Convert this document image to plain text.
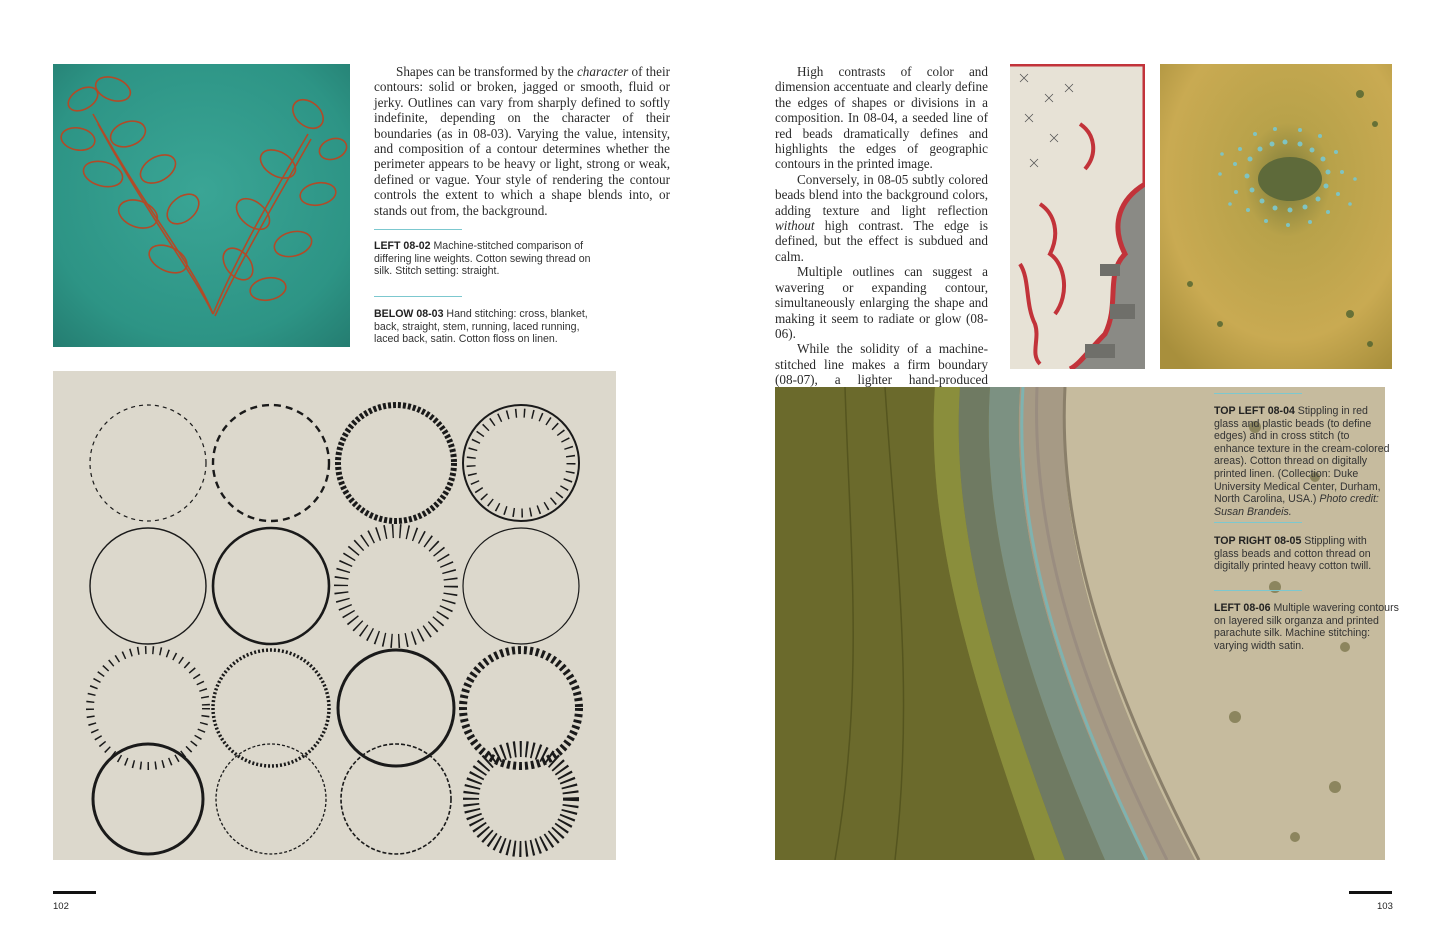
Shapes can be transformed by the character of their contours: solid or broken, jagged or smooth, fluid or jerky. Outlines can vary from sharply defined to softly indefinite, depending on the character of their boundaries (as in 08-03). Varying the value, intensity, and composition of a contour determines whether the perimeter appears to be heavy or light, strong or weak, defined or vague. Your style of rendering the contour controls the extent to which a shape blends into, or stands out from, the background.

LEFT 08-02 Machine-stitched comparison of differing line weights. Cotton sewing thread on silk. Stitch setting: straight.

BELOW 08-03 Hand stitching: cross, blanket, back, straight, stem, running, laced running, laced back, satin. Cotton floss on linen.

102

High contrasts of color and dimension accentuate and clearly define the edges of shapes or divisions in a composition. In 08-04, a seeded line of red beads dramatically defines and highlights the edges of geographic contours in the printed image.

Conversely, in 08-05 subtly colored beads blend into the background colors, adding texture and light reflection without high contrast. The edge is defined, but the effect is subdued and calm.

Multiple outlines can suggest a wavering or expanding contour, simultaneously enlarging the shape and making it seem to radiate or glow (08-06).

While the solidity of a machine-stitched line makes a firm boundary (08-07), a lighter hand-produced

TOP LEFT 08-04 Stippling in red glass and plastic beads (to define edges) and in cross stitch (to enhance texture in the cream-colored areas). Cotton thread on digitally printed linen. (Collection: Duke University Medical Center, Durham, North Carolina, USA.) Photo credit: Susan Brandeis.

TOP RIGHT 08-05 Stippling with glass beads and cotton thread on digitally printed heavy cotton twill.

LEFT 08-06 Multiple wavering contours on layered silk organza and printed parachute silk. Machine stitching: varying width satin.

103
